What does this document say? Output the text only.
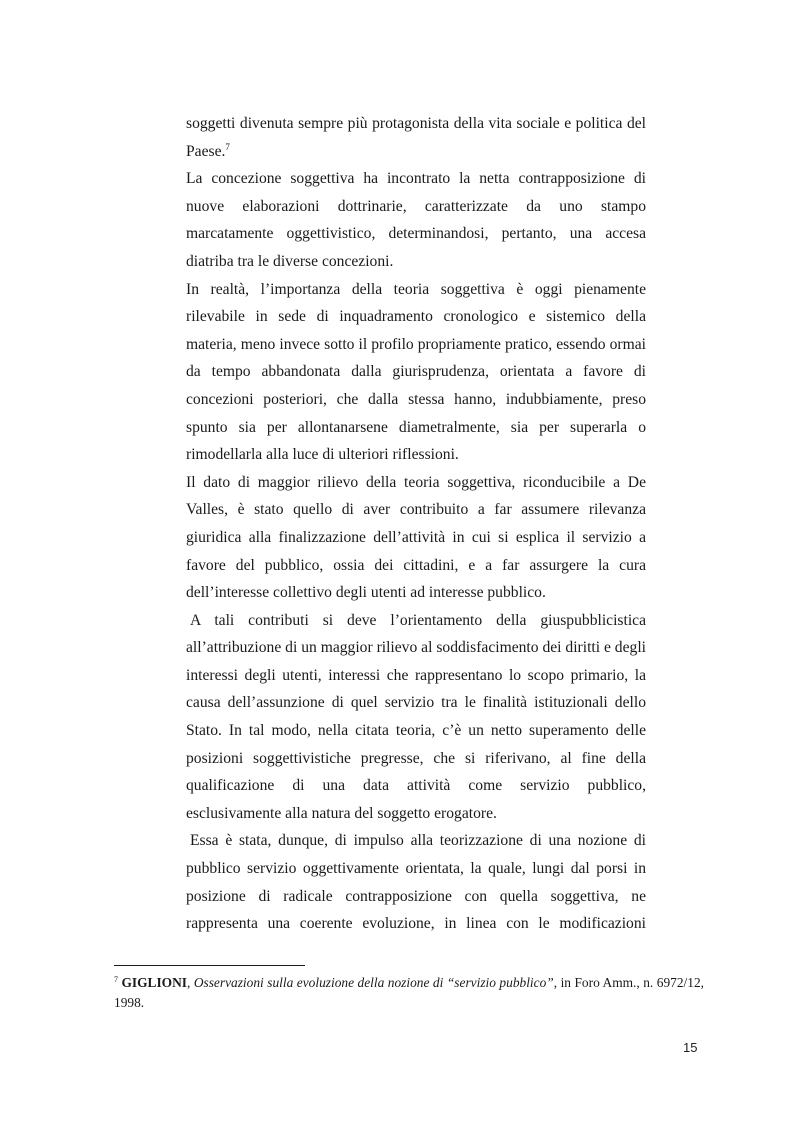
soggetti divenuta sempre più protagonista della vita sociale e politica del Paese.$^7$

La concezione soggettiva ha incontrato la netta contrapposizione di nuove elaborazioni dottrinarie, caratterizzate da uno stampo marcatamente oggettivistico, determinandosi, pertanto, una accesa diatriba tra le diverse concezioni.

In realtà, l’importanza della teoria soggettiva è oggi pienamente rilevabile in sede di inquadramento cronologico e sistemico della materia, meno invece sotto il profilo propriamente pratico, essendo ormai da tempo abbandonata dalla giurisprudenza, orientata a favore di concezioni posteriori, che dalla stessa hanno, indubbiamente, preso spunto sia per allontanarsene diametralmente, sia per superarla o rimodellarla alla luce di ulteriori riflessioni.

Il dato di maggior rilievo della teoria soggettiva, riconducibile a De Valles, è stato quello di aver contribuito a far assumere rilevanza giuridica alla finalizzazione dell’attività in cui si esplica il servizio a favore del pubblico, ossia dei cittadini, e a far assurgere la cura dell’interesse collettivo degli utenti ad interesse pubblico.

A tali contributi si deve l’orientamento della giuspubblicistica all’attribuzione di un maggior rilievo al soddisfacimento dei diritti e degli interessi degli utenti, interessi che rappresentano lo scopo primario, la causa dell’assunzione di quel servizio tra le finalità istituzionali dello Stato. In tal modo, nella citata teoria, c’è un netto superamento delle posizioni soggettivistiche pregresse, che si riferivano, al fine della qualificazione di una data attività come servizio pubblico, esclusivamente alla natura del soggetto erogatore.

Essa è stata, dunque, di impulso alla teorizzazione di una nozione di pubblico servizio oggettivamente orientata, la quale, lungi dal porsi in posizione di radicale contrapposizione con quella soggettiva, ne rappresenta una coerente evoluzione, in linea con le modificazioni

$^7$ GIGLIONI, Osservazioni sulla evoluzione della nozione di “servizio pubblico”, in Foro Amm., n. 6972/12, 1998.
15
